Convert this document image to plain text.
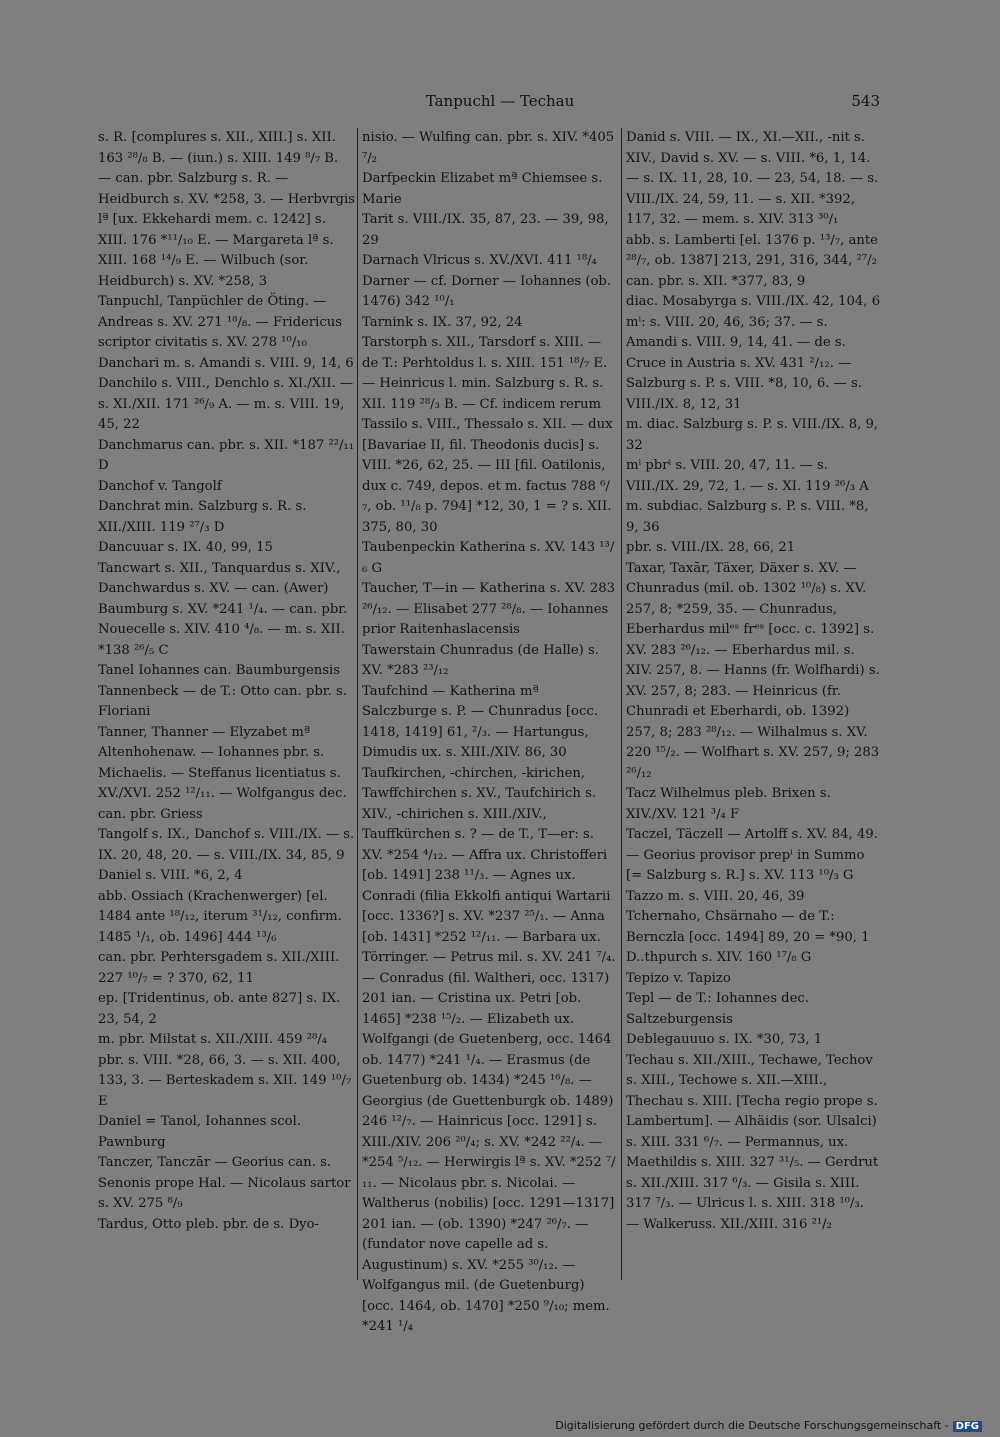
Tanpuchl — Techau	543

s. R. [complures s. XII., XIII.] s. XII. 163 ²⁸/₈ B. — (iun.) s. XIII. 149 ⁸/₇ B. — can. pbr. Salzburg s. R. — Heidburch s. XV. *258, 3. — Herbvrgis lª [ux. Ekkehardi mem. c. 1242] s. XIII. 176 *¹¹/₁₀ E. — Margareta lª s. XIII. 168 ¹⁴/₉ E. — Wilbuch (sor. Heidburch) s. XV. *258, 3

Tanpuchl, Tanpüchler de Öting. — Andreas s. XV. 271 ¹⁸/₈. — Fridericus scriptor civitatis s. XV. 278 ¹⁰/₁₀

Danchari m. s. Amandi s. VIII. 9, 14, 6

Danchilo s. VIII., Denchlo s. XI./XII. — s. XI./XII. 171 ²⁶/₉ A. — m. s. VIII. 19, 45, 22

Danchmarus can. pbr. s. XII. *187 ²²/₁₁ D

Danchof v. Tangolf

Danchrat min. Salzburg s. R. s. XII./XIII. 119 ²⁷/₃ D

Dancuuar s. IX. 40, 99, 15

Tancwart s. XII., Tanquardus s. XIV., Danchwardus s. XV. — can. (Awer) Baumburg s. XV. *241 ¹/₄. — can. pbr. Nouecelle s. XIV. 410 ⁴/₈. — m. s. XII. *138 ²⁶/₅ C

Tanel Iohannes can. Baumburgensis

Tannenbeck — de T.: Otto can. pbr. s. Floriani

Tanner, Thanner — Elyzabet mª Altenhohenaw. — Iohannes pbr. s. Michaelis. — Steffanus licentiatus s. XV./XVI. 252 ¹²/₁₁. — Wolfgangus dec. can. pbr. Griess

Tangolf s. IX., Danchof s. VIII./IX. — s. IX. 20, 48, 20. — s. VIII./IX. 34, 85, 9

Daniel s. VIII. *6, 2, 4

abb. Ossiach (Krachenwerger) [el. 1484 ante ¹⁸/₁₂, iterum ³¹/₁₂, confirm. 1485 ¹/₁, ob. 1496] 444 ¹³/₆

can. pbr. Perhtersgadem s. XII./XIII. 227 ¹⁰/₇ = ? 370, 62, 11

ep. [Tridentinus, ob. ante 827] s. IX. 23, 54, 2

m. pbr. Milstat s. XII./XIII. 459 ²⁸/₄

pbr. s. VIII. *28, 66, 3. — s. XII. 400, 133, 3. — Berteskadem s. XII. 149 ¹⁰/₇ E

Daniel = Tanol, Iohannes scol. Pawnburg

Tanczer, Tanczār — Georius can. s. Senonis prope Hal. — Nicolaus sartor s. XV. 275 ⁸/₉

Tardus, Otto pleb. pbr. de s. Dyo-

nisio. — Wulfing can. pbr. s. XIV. *405 ⁷/₂

Darfpeckin Elizabet mª Chiemsee s. Marie

Tarit s. VIII./IX. 35, 87, 23. — 39, 98, 29

Darnach Vlricus s. XV./XVI. 411 ¹⁸/₄

Darner — cf. Dorner — Iohannes (ob. 1476) 342 ¹⁰/₁

Tarnink s. IX. 37, 92, 24

Tarstorph s. XII., Tarsdorf s. XIII. — de T.: Perhtoldus l. s. XIII. 151 ¹⁸/₇ E. — Heinricus l. min. Salzburg s. R. s. XII. 119 ²⁸/₃ B. — Cf. indicem rerum

Tassilo s. VIII., Thessalo s. XII. — dux [Bavariae II, fil. Theodonis ducis] s. VIII. *26, 62, 25. — III [fil. Oatilonis, dux c. 749, depos. et m. factus 788 ⁶/₇, ob. ¹¹/₈ p. 794] *12, 30, 1 = ? s. XII. 375, 80, 30

Taubenpeckin Katherina s. XV. 143 ¹³/₆ G

Taucher, T—in — Katherina s. XV. 283 ²⁶/₁₂. — Elisabet 277 ²⁸/₈. — Iohannes prior Raitenhaslacensis

Tawerstain Chunradus (de Halle) s. XV. *283 ²³/₁₂

Taufchind — Katherina mª Salczburge s. P. — Chunradus [occ. 1418, 1419] 61, ²/₃. — Hartungus, Dimudis ux. s. XIII./XIV. 86, 30

Taufkirchen, -chirchen, -kirichen, Tawffchirchen s. XV., Taufchirich s. XIV., -chirichen s. XIII./XIV., Tauffkürchen s. ? — de T., T—er: s. XV. *254 ⁴/₁₂. — Affra ux. Christofferi [ob. 1491] 238 ¹¹/₃. — Agnes ux. Conradi (filia Ekkolfi antiqui Wartarii [occ. 1336?] s. XV. *237 ²⁵/₁. — Anna [ob. 1431] *252 ¹²/₁₁. — Barbara ux. Törringer. — Petrus mil. s. XV. 241 ⁷/₄. — Conradus (fil. Waltheri, occ. 1317) 201 ian. — Cristina ux. Petri [ob. 1465] *238 ¹⁵/₂. — Elizabeth ux. Wolfgangi (de Guetenberg, occ. 1464 ob. 1477) *241 ¹/₄. — Erasmus (de Guetenburg ob. 1434) *245 ¹⁶/₈. — Georgius (de Guettenburgk ob. 1489) 246 ¹²/₇. — Hainricus [occ. 1291] s. XIII./XIV. 206 ²⁰/₄; s. XV. *242 ²²/₄. — *254 ⁵/₁₂. — Herwirgis lª s. XV. *252 ⁷/₁₁. — Nicolaus pbr. s. Nicolai. — Waltherus (nobilis) [occ. 1291—1317] 201 ian. — (ob. 1390) *247 ²⁶/₇. — (fundator nove capelle ad s. Augustinum) s. XV. *255 ³⁰/₁₂. — Wolfgangus mil. (de Guetenburg) [occ. 1464, ob. 1470] *250 ⁹/₁₀; mem. *241 ¹/₄

Danid s. VIII. — IX., XI.—XII., -nit s. XIV., David s. XV. — s. VIII. *6, 1, 14. — s. IX. 11, 28, 10. — 23, 54, 18. — s. VIII./IX. 24, 59, 11. — s. XII. *392, 117, 32. — mem. s. XIV. 313 ³⁰/₁

abb. s. Lamberti [el. 1376 p. ¹³/₇, ante ²⁸/₇, ob. 1387] 213, 291, 316, 344, ²⁷/₂

can. pbr. s. XII. *377, 83, 9

diac. Mosabyrga s. VIII./IX. 42, 104, 6

mⁱ: s. VIII. 20, 46, 36; 37. — s. Amandi s. VIII. 9, 14, 41. — de s. Cruce in Austria s. XV. 431 ²/₁₂. — Salzburg s. P. s. VIII. *8, 10, 6. — s. VIII./IX. 8, 12, 31

m. diac. Salzburg s. P. s. VIII./IX. 8, 9, 32

mⁱ pbrⁱ s. VIII. 20, 47, 11. — s. VIII./IX. 29, 72, 1. — s. XI. 119 ²⁶/₃ A

m. subdiac. Salzburg s. P. s. VIII. *8, 9, 36

pbr. s. VIII./IX. 28, 66, 21

Taxar, Taxār, Täxer, Däxer s. XV. — Chunradus (mil. ob. 1302 ¹⁰/₈) s. XV. 257, 8; *259, 35. — Chunradus, Eberhardus milᵉˢ frᵉˢ [occ. c. 1392] s. XV. 283 ²⁶/₁₂. — Eberhardus mil. s. XIV. 257, 8. — Hanns (fr. Wolfhardi) s. XV. 257, 8; 283. — Heinricus (fr. Chunradi et Eberhardi, ob. 1392) 257, 8; 283 ²⁸/₁₂. — Wilhalmus s. XV. 220 ¹⁵/₂. — Wolfhart s. XV. 257, 9; 283 ²⁶/₁₂

Tacz Wilhelmus pleb. Brixen s. XIV./XV. 121 ³/₄ F

Taczel, Täczell — Artolff s. XV. 84, 49. — Georius provisor prepⁱ in Summo [= Salzburg s. R.] s. XV. 113 ¹⁰/₃ G

Tazzo m. s. VIII. 20, 46, 39

Tchernaho, Chsärnaho — de T.: Bernczla [occ. 1494] 89, 20 = *90, 1

D..thpurch s. XIV. 160 ¹⁷/₈ G

Tepizo v. Tapizo

Tepl — de T.: Iohannes dec. Saltzeburgensis

Deblegauuuo s. IX. *30, 73, 1

Techau s. XII./XIII., Techawe, Techov s. XIII., Techowe s. XII.—XIII., Thechau s. XIII. [Techa regio prope s. Lambertum]. — Alhäidis (sor. Ulsalci) s. XIII. 331 ⁶/₇. — Permannus, ux. Maethildis s. XIII. 327 ³¹/₅. — Gerdrut s. XII./XIII. 317 ⁶/₃. — Gisila s. XIII. 317 ⁷/₃. — Ulricus l. s. XIII. 318 ¹⁰/₃. — Walkeruss. XII./XIII. 316 ²¹/₂

Digitalisierung gefördert durch die Deutsche Forschungsgemeinschaft - DFG
